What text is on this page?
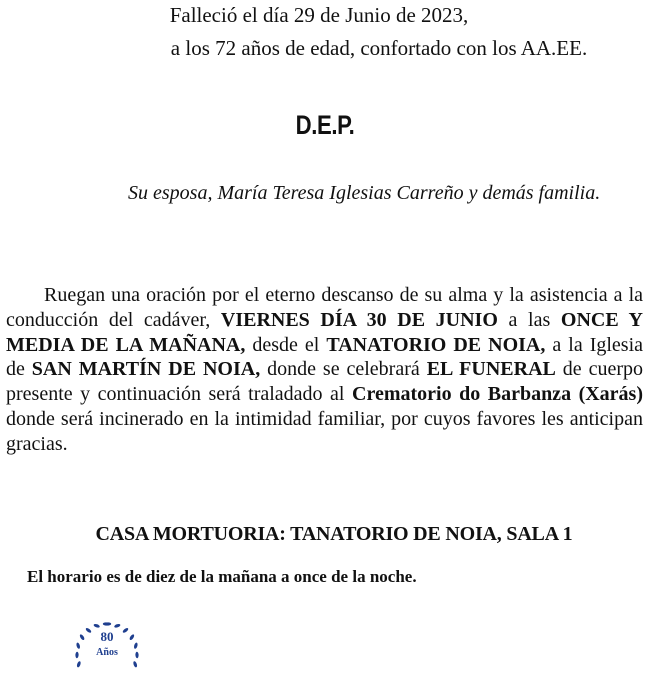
Falleció el día 29 de Junio de 2023,
a los 72 años de edad, confortado con los AA.EE.
D.E.P.
Su esposa, María Teresa Iglesias Carreño y demás familia.
Ruegan una oración por el eterno descanso de su alma y la asistencia a la conducción del cadáver, VIERNES DÍA 30 DE JUNIO a las ONCE Y MEDIA DE LA MAÑANA, desde el TANATORIO DE NOIA, a la Iglesia de SAN MARTÍN DE NOIA, donde se celebrará EL FUNERAL de cuerpo presente y continuación será traladado al Crematorio do Barbanza (Xarás) donde será incinerado en la intimidad familiar, por cuyos favores les anticipan gracias.
CASA MORTUORIA: TANATORIO DE NOIA, SALA 1
El horario es de diez de la mañana a once de la noche.
80
Años
